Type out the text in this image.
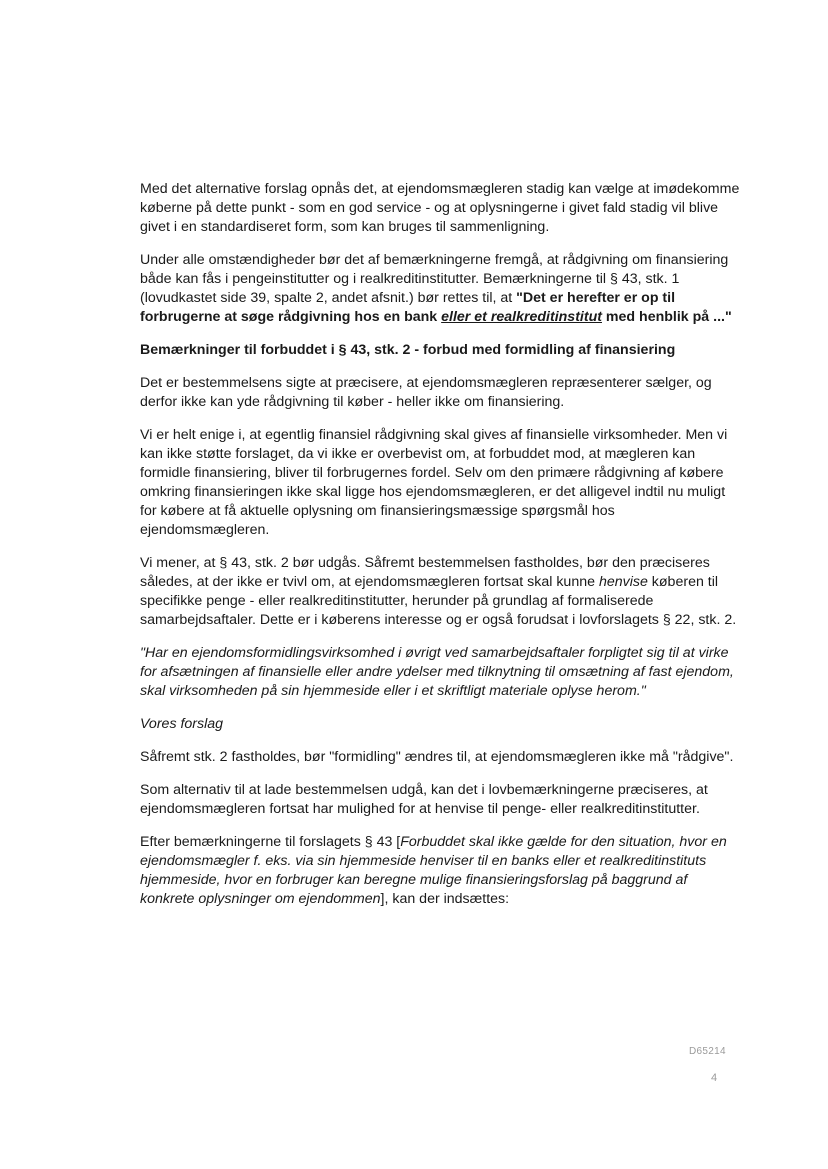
Med det alternative forslag opnås det, at ejendomsmægleren stadig kan vælge at imødekomme køberne på dette punkt - som en god service - og at oplysningerne i givet fald stadig vil blive givet i en standardiseret form, som kan bruges til sammenligning.

Under alle omstændigheder bør det af bemærkningerne fremgå, at rådgivning om finansiering både kan fås i pengeinstitutter og i realkreditinstitutter. Bemærkningerne til § 43, stk. 1 (lovudkastet side 39, spalte 2, andet afsnit.) bør rettes til, at "Det er herefter er op til forbrugerne at søge rådgivning hos en bank eller et realkreditinstitut med henblik på ..."

Bemærkninger til forbuddet i § 43, stk. 2 - forbud med formidling af finansiering

Det er bestemmelsens sigte at præcisere, at ejendomsmægleren repræsenterer sælger, og derfor ikke kan yde rådgivning til køber - heller ikke om finansiering.

Vi er helt enige i, at egentlig finansiel rådgivning skal gives af finansielle virksomheder. Men vi kan ikke støtte forslaget, da vi ikke er overbevist om, at forbuddet mod, at mægleren kan formidle finansiering, bliver til forbrugernes fordel. Selv om den primære rådgivning af købere omkring finansieringen ikke skal ligge hos ejendomsmægleren, er det alligevel indtil nu muligt for købere at få aktuelle oplysning om finansieringsmæssige spørgsmål hos ejendomsmægleren.

Vi mener, at § 43, stk. 2 bør udgås. Såfremt bestemmelsen fastholdes, bør den præciseres således, at der ikke er tvivl om, at ejendomsmægleren fortsat skal kunne henvise køberen til specifikke penge - eller realkreditinstitutter, herunder på grundlag af formaliserede samarbejdsaftaler. Dette er i køberens interesse og er også forudsat i lovforslagets § 22, stk. 2.

"Har en ejendomsformidlingsvirksomhed i øvrigt ved samarbejdsaftaler forpligtet sig til at virke for afsætningen af finansielle eller andre ydelser med tilknytning til omsætning af fast ejendom, skal virksomheden på sin hjemmeside eller i et skriftligt materiale oplyse herom."

Vores forslag

Såfremt stk. 2 fastholdes, bør "formidling" ændres til, at ejendomsmægleren ikke må "rådgive".

Som alternativ til at lade bestemmelsen udgå, kan det i lovbemærkningerne præciseres, at ejendomsmægleren fortsat har mulighed for at henvise til penge- eller realkreditinstitutter.

Efter bemærkningerne til forslagets § 43 [Forbuddet skal ikke gælde for den situation, hvor en ejendomsmægler f. eks. via sin hjemmeside henviser til en banks eller et realkreditinstituts hjemmeside, hvor en forbruger kan beregne mulige finansieringsforslag på baggrund af konkrete oplysninger om ejendommen], kan der indsættes:

D65214
4
